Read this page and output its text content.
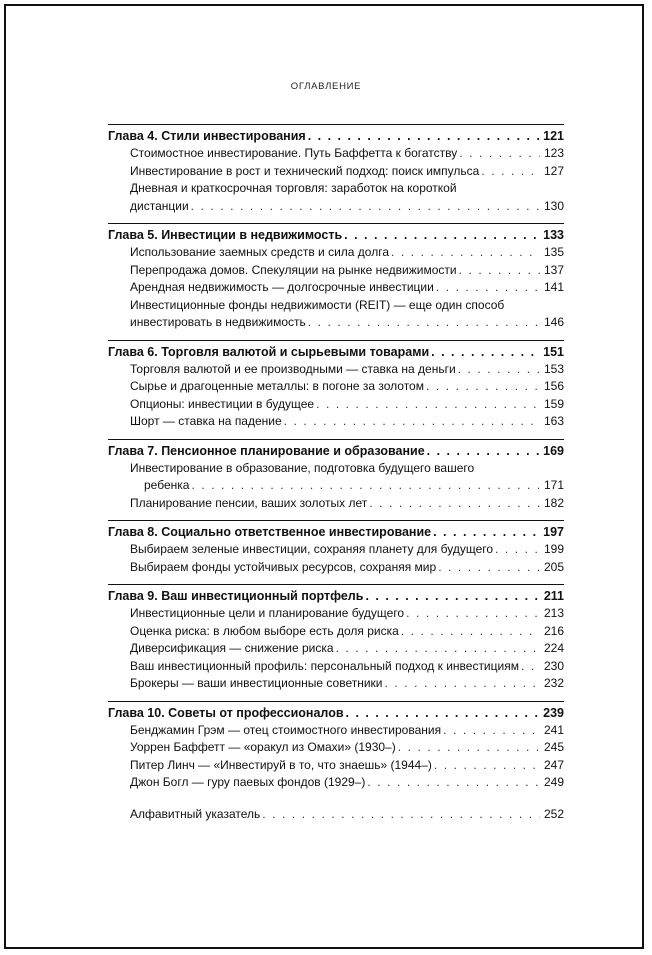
ОГЛАВЛЕНИЕ
Глава 4. Стили инвестирования . . .	121
Стоимостное инвестирование. Путь Баффетта к богатству . . .	123
Инвестирование в рост и технический подход: поиск импульса . . .	127
Дневная и краткосрочная торговля: заработок на короткой
дистанции . . .	130
Глава 5. Инвестиции в недвижимость . . .	133
Использование заемных средств и сила долга . . .	135
Перепродажа домов. Спекуляции на рынке недвижимости . . .	137
Арендная недвижимость — долгосрочные инвестиции . . .	141
Инвестиционные фонды недвижимости (REIT) — еще один способ
инвестировать в недвижимость . . .	146
Глава 6. Торговля валютой и сырьевыми товарами . . .	151
Торговля валютой и ее производными — ставка на деньги . . .	153
Сырье и драгоценные металлы: в погоне за золотом . . .	156
Опционы: инвестиции в будущее . . .	159
Шорт — ставка на падение . . .	163
Глава 7. Пенсионное планирование и образование . . .	169
Инвестирование в образование, подготовка будущего вашего
ребенка . . .	171
Планирование пенсии, ваших золотых лет . . .	182
Глава 8. Социально ответственное инвестирование . . .	197
Выбираем зеленые инвестиции, сохраняя планету для будущего . . .	199
Выбираем фонды устойчивых ресурсов, сохраняя мир . . .	205
Глава 9. Ваш инвестиционный портфель . . .	211
Инвестиционные цели и планирование будущего . . .	213
Оценка риска: в любом выборе есть доля риска . . .	216
Диверсификация — снижение риска . . .	224
Ваш инвестиционный профиль: персональный подход к инвестициям . . . 230
Брокеры — ваши инвестиционные советники . . .	232
Глава 10. Советы от профессионалов . . .	239
Бенджамин Грэм — отец стоимостного инвестирования . . .	241
Уоррен Баффетт — «оракул из Омахи» (1930–) . . .	245
Питер Линч — «Инвестируй в то, что знаешь» (1944–) . . .	247
Джон Богл — гуру паевых фондов (1929–) . . .	249
Алфавитный указатель . . .	252
